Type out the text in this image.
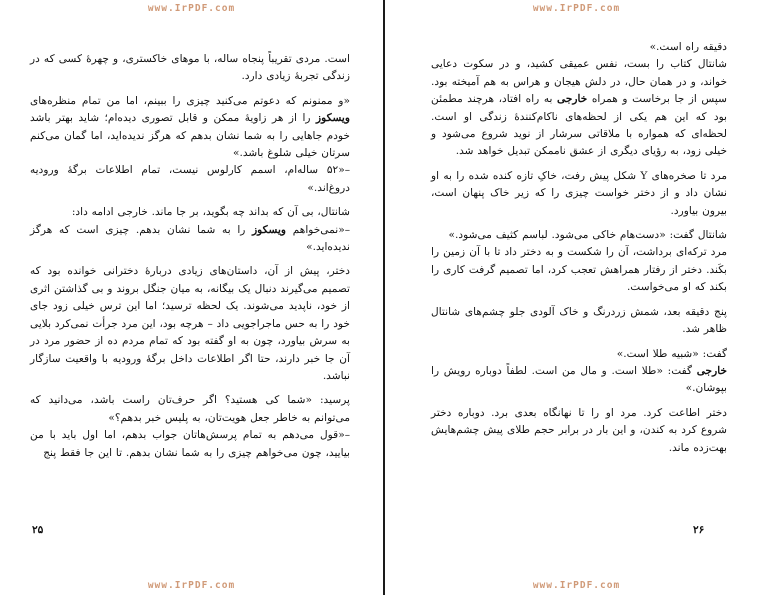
www.IrPDF.com

است. مردی تقریباً پنجاه ساله، با موهای خاکستری، و چهرهٔ کسی که در زندگی تجربهٔ زیادی دارد.

«و ممنونم که دعوتم می‌کنید چیزی را ببینم، اما من تمام منظره‌های ویسکوز را از هر زاویهٔ ممکن و قابل تصوری دیده‌ام؛ شاید بهتر باشد خودم جاهایی را به شما نشان بدهم که هرگز ندیده‌اید، اما گمان می‌کنم سرتان خیلی شلوغ باشد.»

–«۵۲ ساله‌ام، اسمم کارلوس نیست، تمام اطلاعات برگهٔ ورودیه دروغ‌اند.»

شانتال، بی آن که بداند چه بگوید، بر جا ماند. خارجی ادامه داد:

–«نمی‌خواهم ویسکوز را به شما نشان بدهم. چیزی است که هرگز ندیده‌اید.»

دختر، پیش از آن، داستان‌های زیادی دربارهٔ دخترانی خوانده بود که تصمیم می‌گیرند دنبال یک بیگانه، به میان جنگل بروند و بی گذاشتن اثری از خود، ناپدید می‌شوند. یک لحظه ترسید؛ اما این ترس خیلی زود جای خود را به حس ماجراجویی داد – هرچه بود، این مرد جرأت نمی‌کرد بلایی به سرش بیاورد، چون به او گفته بود که تمام مردم ده از حضور مرد در آن جا خبر دارند، حتا اگر اطلاعات داخل برگهٔ ورودیه با واقعیت سازگار نباشد.

پرسید: «شما کی هستید؟ اگر حرف‌تان راست باشد، می‌دانید که می‌توانم به خاطر جعل هویت‌تان، به پلیس خبر بدهم؟»

–«قول می‌دهم به تمام پرسش‌هاتان جواب بدهم، اما اول باید با من بیایید، چون می‌خواهم چیزی را به شما نشان بدهم. تا این جا فقط پنج

۲۵
www.IrPDF.com
www.IrPDF.com

دقیقه راه است.»

شانتال کتاب را بست، نفس عمیقی کشید، و در سکوت دعایی خواند، و در همان حال، در دلش هیجان و هراس به هم آمیخته بود. سپس از جا برخاست و همراه خارجی به راه افتاد، هرچند مطمئن بود که این هم یکی از لحظه‌های ناکام‌کنندهٔ زندگی او است. لحظه‌ای که همواره با ملاقاتی سرشار از نوید شروع می‌شود و خیلی زود، به رؤیای دیگری از عشق ناممکن تبدیل خواهد شد.

مرد تا صخره‌های Y شکل پیش رفت، خاکِ تازه کنده شده را به او نشان داد و از دختر خواست چیزی را که زیر خاک پنهان است، بیرون بیاورد.

شانتال گفت: «دست‌هام خاکی می‌شود. لباسم کثیف می‌شود.»

مرد ترکه‌ای برداشت، آن را شکست و به دختر داد تا با آن زمین را بکَند. دختر از رفتار همراهش تعجب کرد، اما تصمیم گرفت کاری را بکند که او می‌خواست.

پنج دقیقه بعد، شمش زردرنگ و خاک آلودی جلو چشم‌های شانتال ظاهر شد.

گفت: «شبیه طلا است.»

خارجی گفت: «طلا است. و مال من است. لطفاً دوباره رویش را بپوشان.»

دختر اطاعت کرد. مرد او را تا نهانگاه بعدی برد. دوباره دختر شروع کرد به کندن، و این بار در برابر حجم طلای پیش چشم‌هایش بهت‌زده ماند.

۲۶
www.IrPDF.com
